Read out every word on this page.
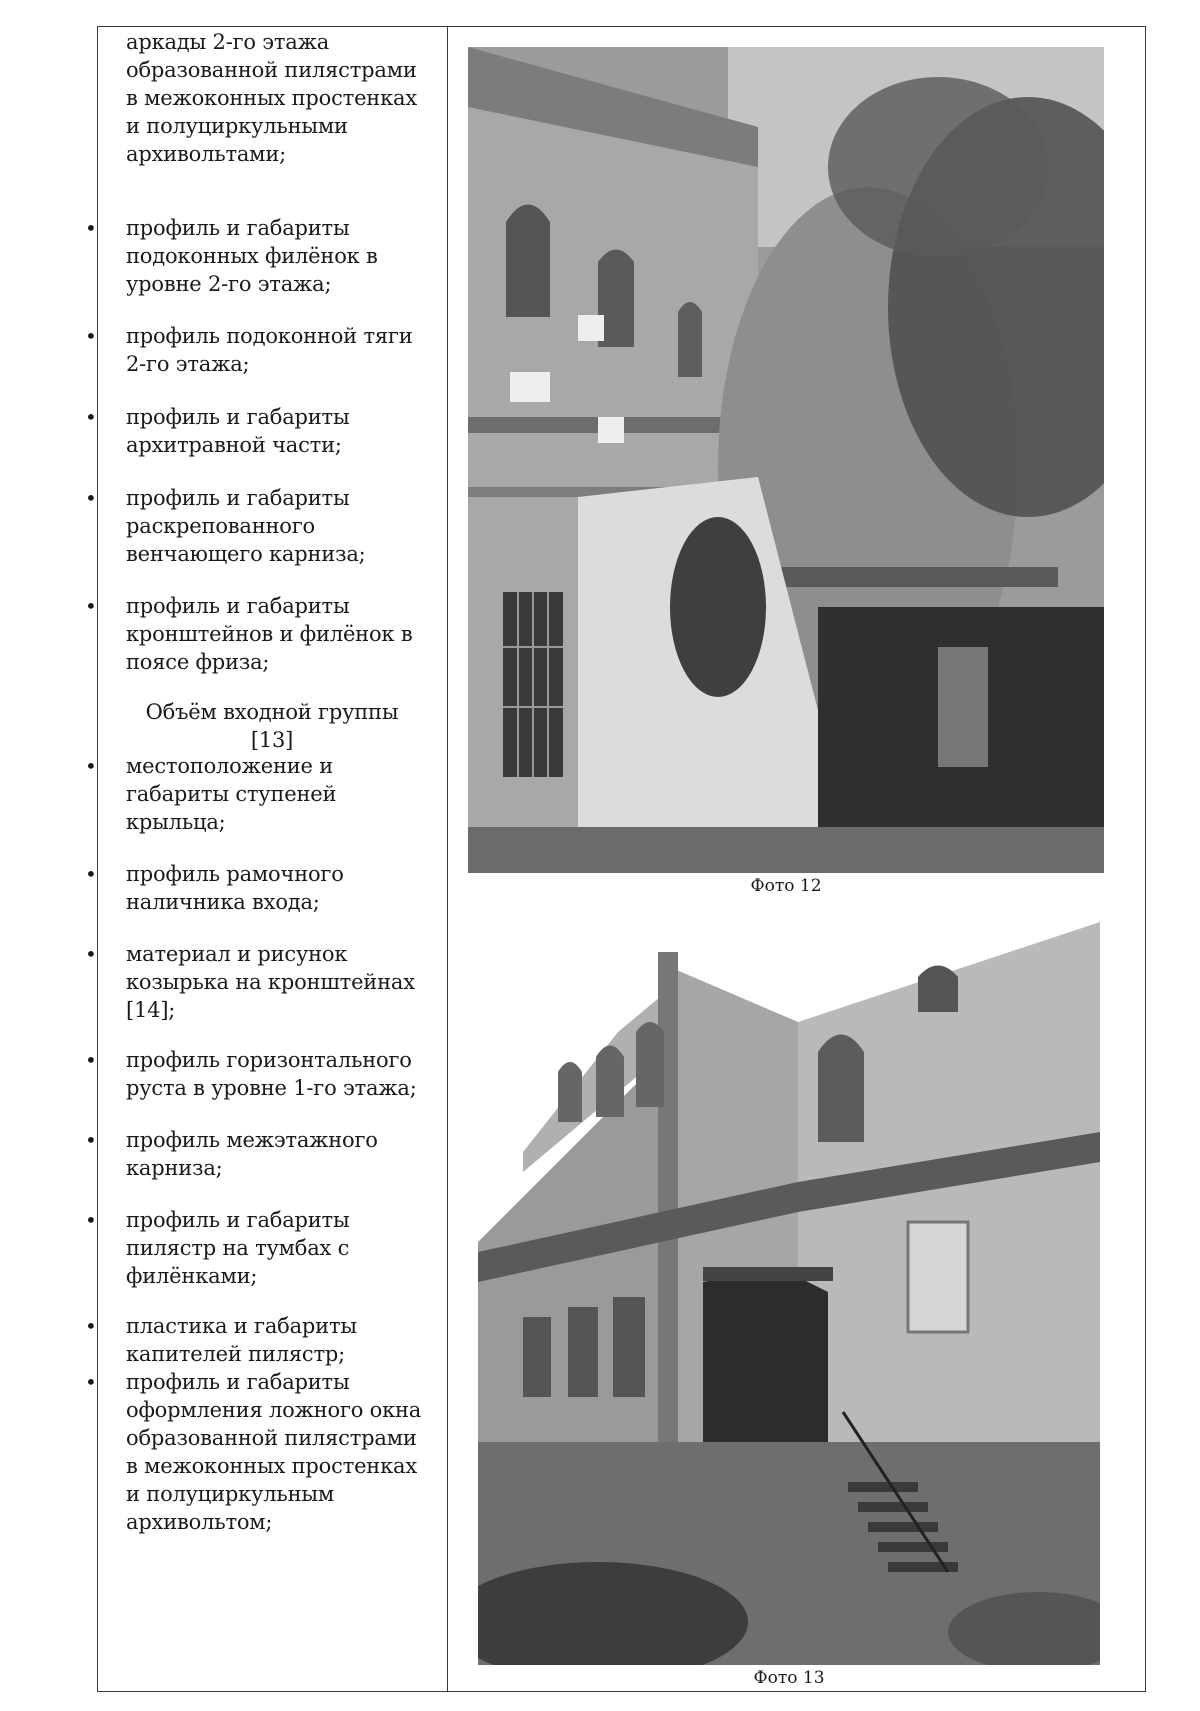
аркады 2-го этажа
образованной пилястрами
в межоконных простенках
и полуциркульными
архивольтами;
• профиль и габариты
подоконных филёнок в
уровне 2-го этажа;
• профиль подоконной тяги
2-го этажа;
• профиль и габариты
архитравной части;
• профиль и габариты
раскрепованного
венчающего карниза;
• профиль и габариты
кронштейнов и филёнок в
поясе фриза;
Объём входной группы
[13]
• местоположение и
габариты ступеней
крыльца;
• профиль рамочного
наличника входа;
• материал и рисунок
козырька на кронштейнах
[14];
• профиль горизонтального
руста в уровне 1-го этажа;
• профиль межэтажного
карниза;
• профиль и габариты
пилястр на тумбах с
филёнками;
• пластика и габариты
капителей пилястр;
• профиль и габариты
оформления ложного окна
образованной пилястрами
в межоконных простенках
и полуциркульным
архивольтом;
Фото 12
Фото 13
